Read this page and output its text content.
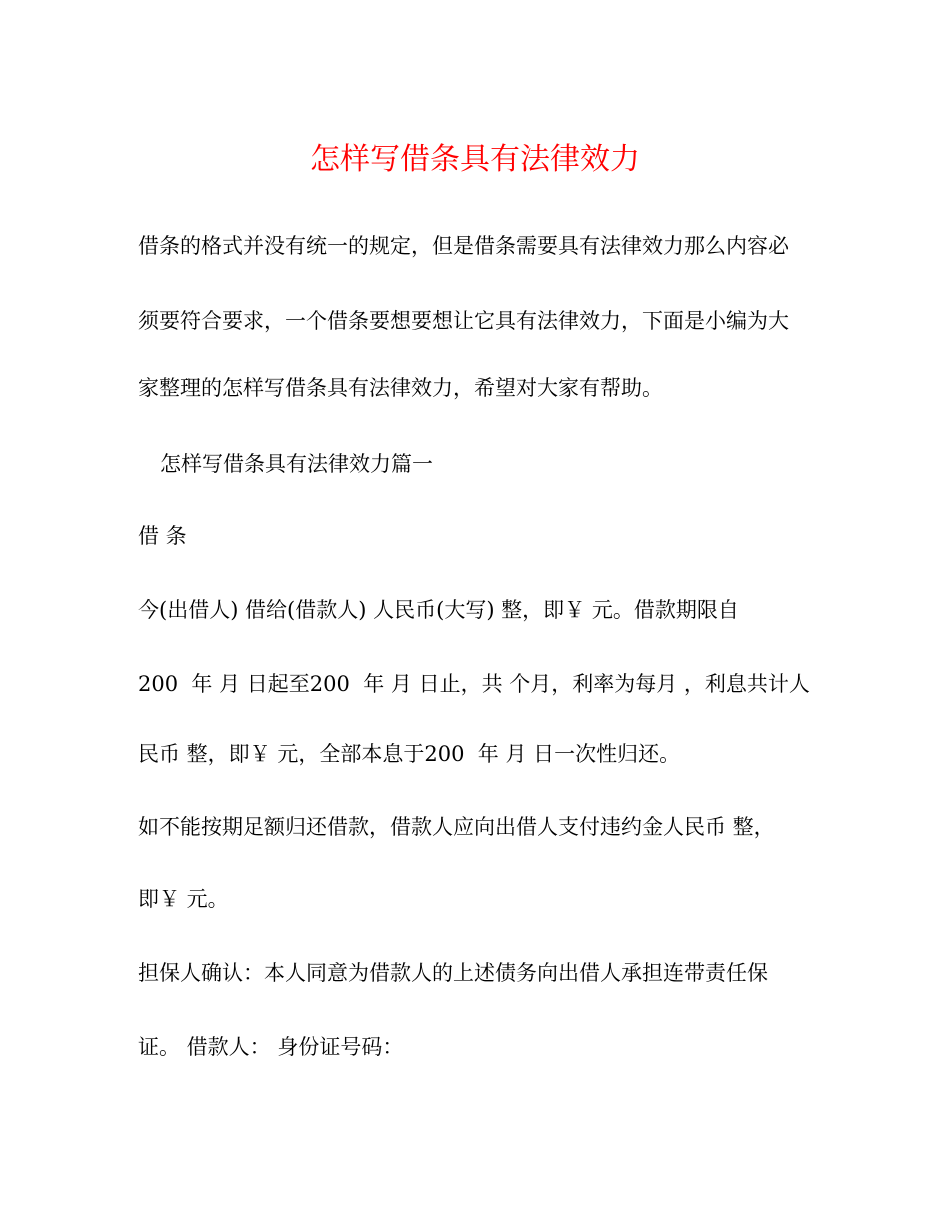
怎样写借条具有法律效力
借条的格式并没有统一的规定，但是借条需要具有法律效力那么内容必
须要符合要求，一个借条要想要想让它具有法律效力，下面是小编为大
家整理的怎样写借条具有法律效力，希望对大家有帮助。
怎样写借条具有法律效力篇一
借 条
今(出借人) 借给(借款人) 人民币(大写) 整，即￥ 元。借款期限自
200  年 月 日起至200  年 月 日止，共 个月，利率为每月 ，利息共计人
民币 整，即￥ 元，全部本息于200  年 月 日一次性归还。
如不能按期足额归还借款，借款人应向出借人支付违约金人民币 整，
即￥ 元。
担保人确认：本人同意为借款人的上述债务向出借人承担连带责任保
证。 借款人： 身份证号码：
